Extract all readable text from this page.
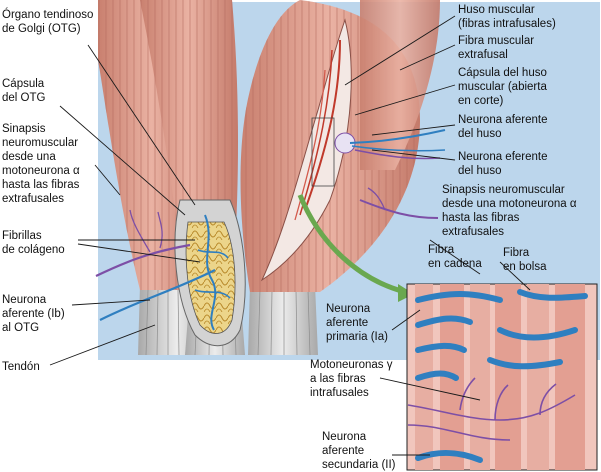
Órgano tendinoso
de Golgi (OTG)
Cápsula
del OTG
Sinapsis
neuromuscular
desde una
motoneurona α
hasta las fibras
extrafusales
Fibrillas
de colágeno
Neurona
aferente (Ib)
al OTG
Tendón
Huso muscular
(fibras intrafusales)
Fibra muscular
extrafusal
Cápsula del huso
muscular (abierta
en corte)
Neurona aferente
del huso
Neurona eferente
del huso
Sinapsis neuromuscular
desde una motoneurona α
hasta las fibras
extrafusales
Fibra
en cadena
Fibra
en bolsa
Neurona
aferente
primaria (Ia)
Motoneuronas γ
a las fibras
intrafusales
Neurona
aferente
secundaria (II)
